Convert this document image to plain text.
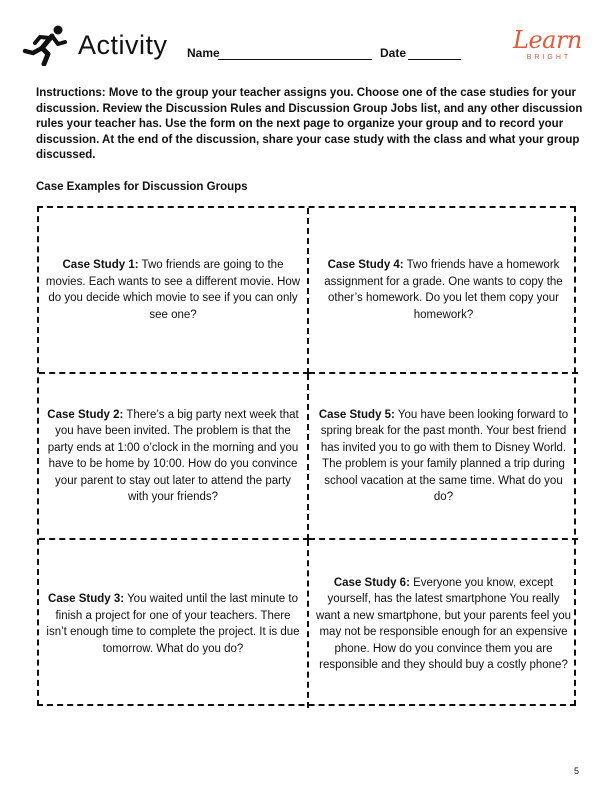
Activity Name	Date	Learn
BRIGHT

Instructions: Move to the group your teacher assigns you. Choose one of the case studies for your discussion. Review the Discussion Rules and Discussion Group Jobs list, and any other discussion rules your teacher has. Use the form on the next page to organize your group and to record your discussion. At the end of the discussion, share your case study with the class and what your group discussed.

Case Examples for Discussion Groups

Case Study 1: Two friends are going to the movies. Each wants to see a different movie. How do you decide which movie to see if you can only see one?

Case Study 4: Two friends have a homework assignment for a grade. One wants to copy the other’s homework. Do you let them copy your homework?

Case Study 2: There’s a big party next week that you have been invited. The problem is that the party ends at 1:00 o’clock in the morning and you have to be home by 10:00. How do you convince your parent to stay out later to attend the party with your friends?

Case Study 5: You have been looking forward to spring break for the past month. Your best friend has invited you to go with them to Disney World. The problem is your family planned a trip during school vacation at the same time. What do you do?

Case Study 3: You waited until the last minute to finish a project for one of your teachers. There isn’t enough time to complete the project. It is due tomorrow. What do you do?

Case Study 6: Everyone you know, except yourself, has the latest smartphone You really want a new smartphone, but your parents feel you may not be responsible enough for an expensive phone. How do you convince them you are responsible and they should buy a costly phone?

5
